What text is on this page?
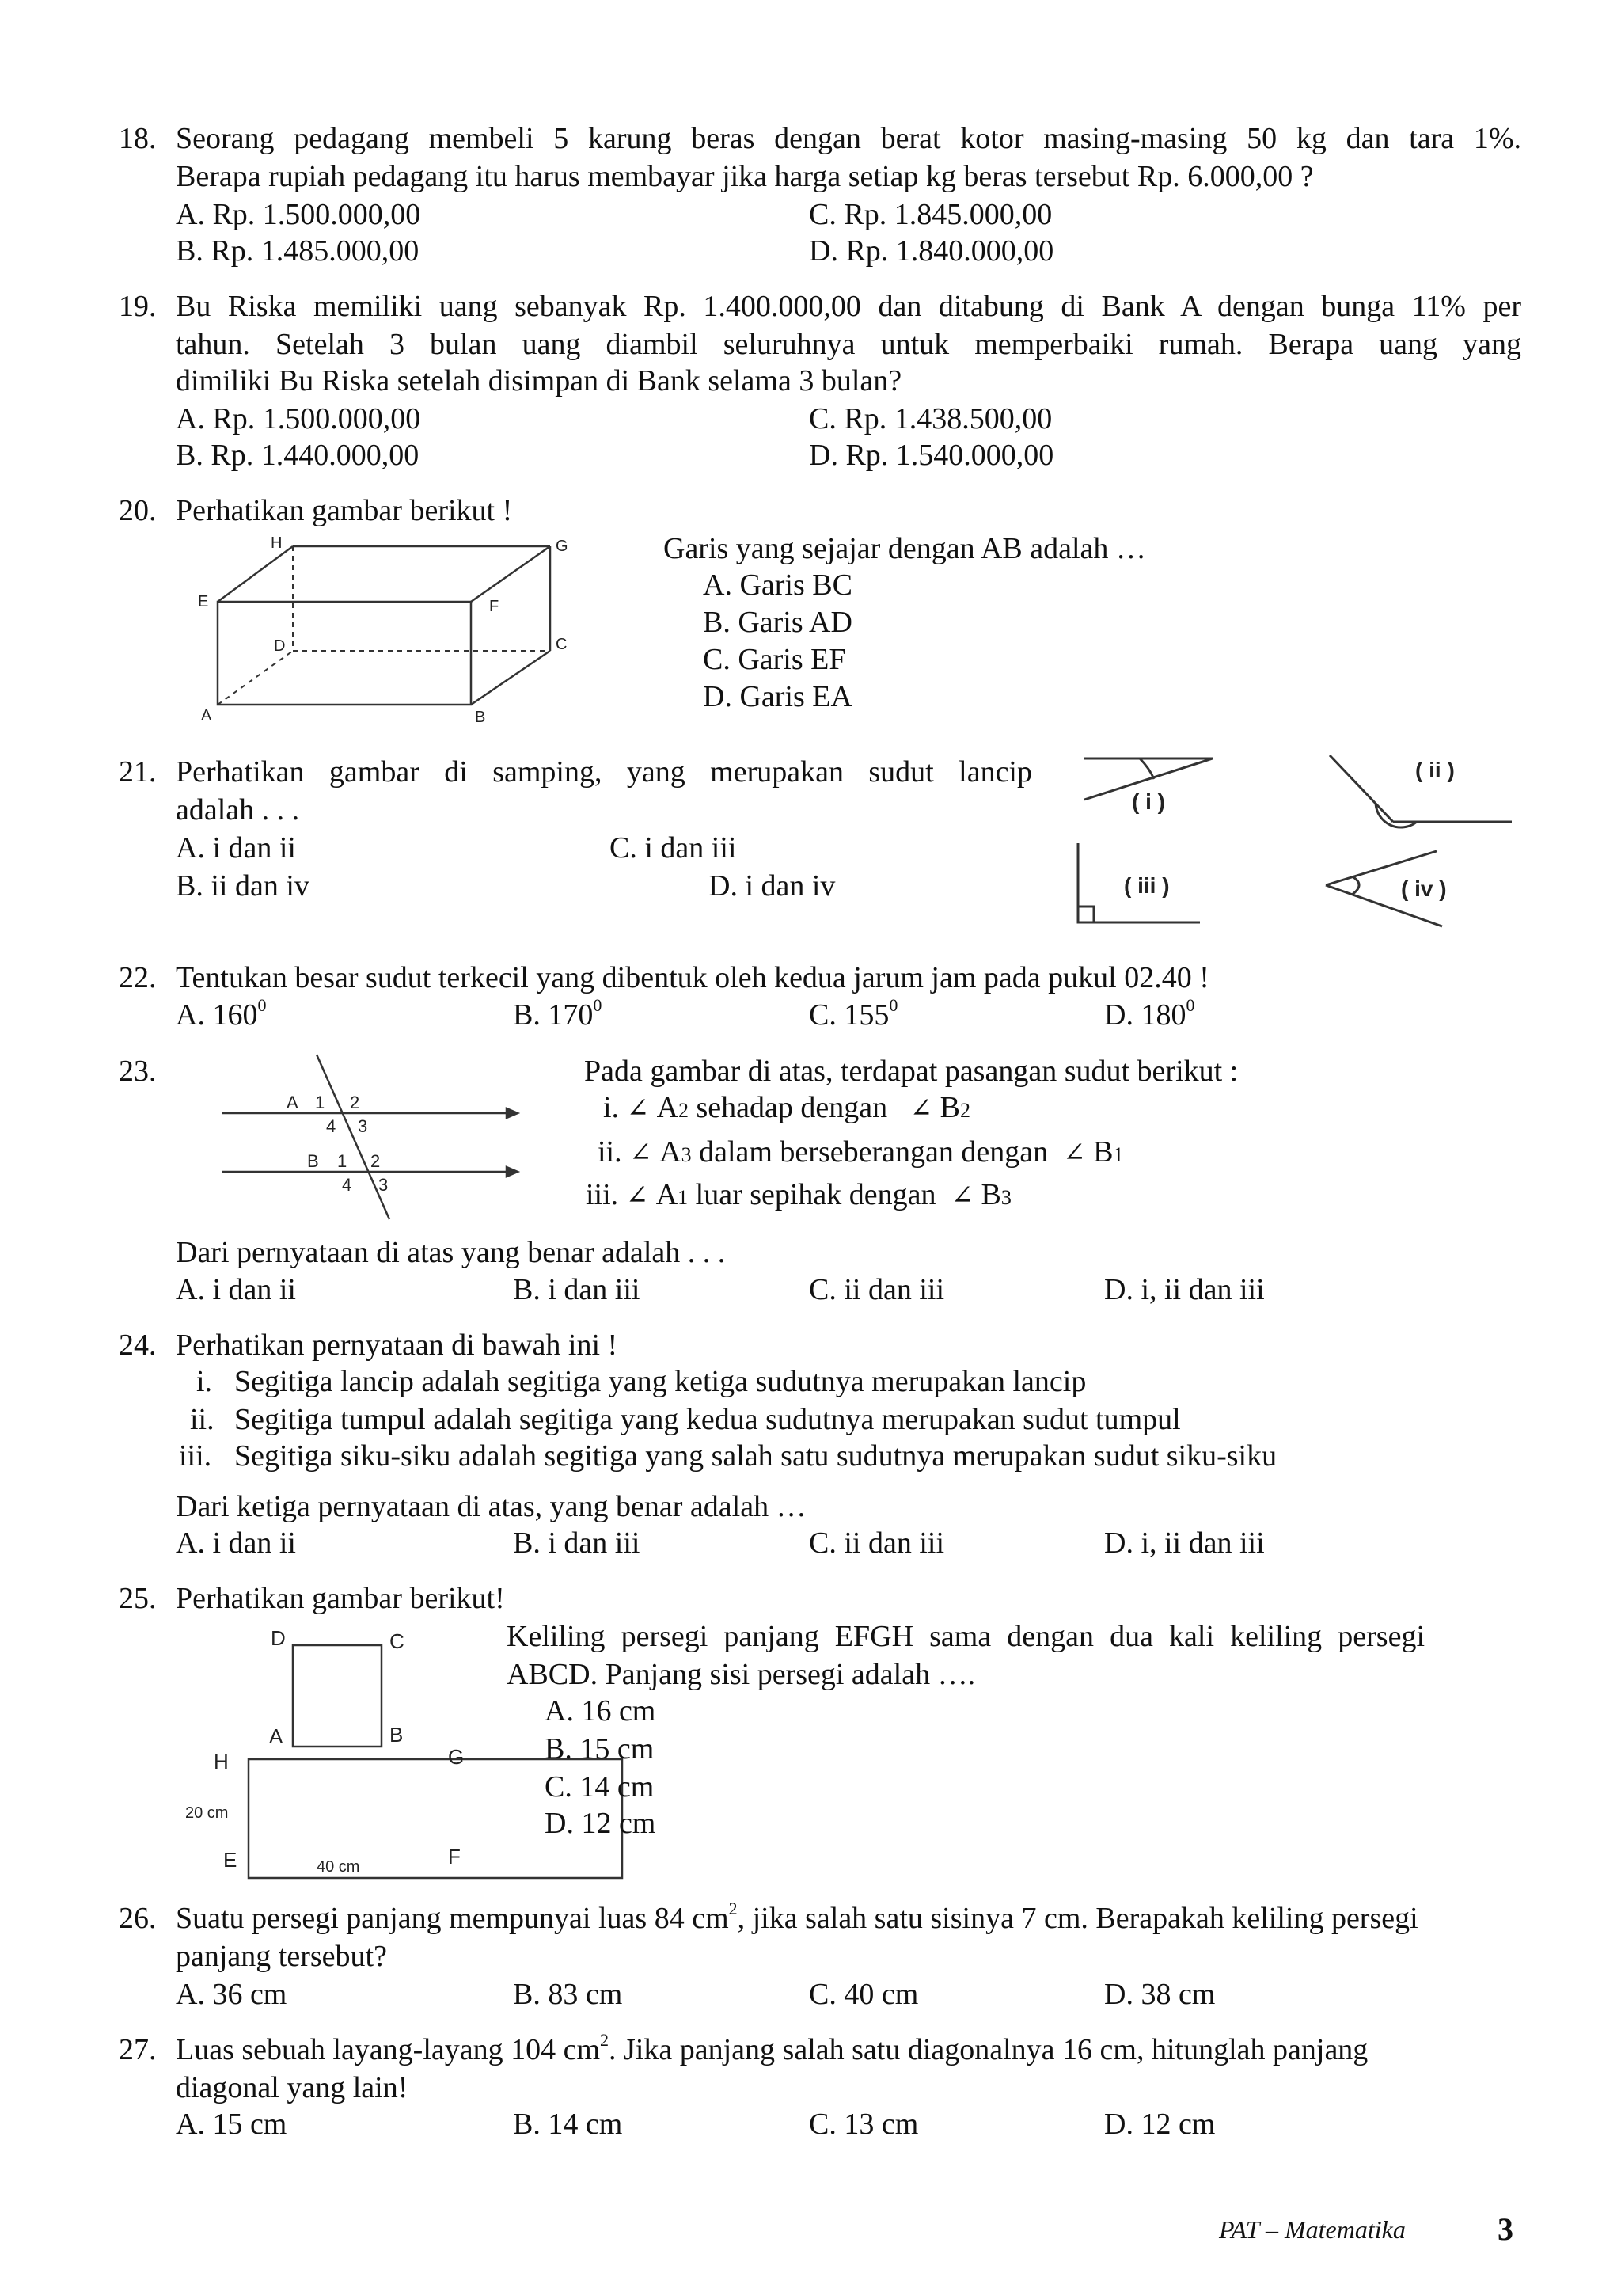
18. Seorang pedagang membeli 5 karung beras dengan berat kotor masing-masing 50 kg dan tara 1%.
Berapa rupiah pedagang itu harus membayar jika harga setiap kg beras tersebut Rp. 6.000,00 ?
A. Rp. 1.500.000,00	C. Rp. 1.845.000,00
B. Rp. 1.485.000,00	D. Rp. 1.840.000,00
19. Bu Riska memiliki uang sebanyak Rp. 1.400.000,00 dan ditabung di Bank A dengan bunga 11% per
tahun. Setelah 3 bulan uang diambil seluruhnya untuk memperbaiki rumah. Berapa uang yang
dimiliki Bu Riska setelah disimpan di Bank selama 3 bulan?
A. Rp. 1.500.000,00	C. Rp. 1.438.500,00
B. Rp. 1.440.000,00	D. Rp. 1.540.000,00
20. Perhatikan gambar berikut !
H	G
E	F
D	C
A	B
Garis yang sejajar dengan AB adalah …
A. Garis BC
B. Garis AD
C. Garis EF
D. Garis EA
21. Perhatikan gambar di samping, yang merupakan sudut lancip
adalah . . .
A. i dan ii	C. i dan iii
B. ii dan iv	D. i dan iv
( i )
( ii )
( iii )	( iv )
22. Tentukan besar sudut terkecil yang dibentuk oleh kedua jarum jam pada pukul 02.40 !
A. $160^0$	B. $170^0$	C. $155^0$	D. $180^0$
23.
A 1 2
4 3
B 1 2
4 3
Pada gambar di atas, terdapat pasangan sudut berikut :
i. ∠ A2 sehadap dengan ∠ B2
ii. ∠ A3 dalam berseberangan dengan ∠ B1
iii. ∠ A1 luar sepihak dengan ∠ B3
Dari pernyataan di atas yang benar adalah . . .
A. i dan ii	B. i dan iii	C. ii dan iii	D. i, ii dan iii
24. Perhatikan pernyataan di bawah ini !
i. Segitiga lancip adalah segitiga yang ketiga sudutnya merupakan lancip
ii. Segitiga tumpul adalah segitiga yang kedua sudutnya merupakan sudut tumpul
iii. Segitiga siku-siku adalah segitiga yang salah satu sudutnya merupakan sudut siku-siku
Dari ketiga pernyataan di atas, yang benar adalah …
A. i dan ii	B. i dan iii	C. ii dan iii	D. i, ii dan iii
25. Perhatikan gambar berikut!
D	C
A	B
H	G
E	F
20 cm
40 cm
Keliling persegi panjang EFGH sama dengan dua kali keliling persegi
ABCD. Panjang sisi persegi adalah ….
A. 16 cm
B. 15 cm
C. 14 cm
D. 12 cm
26. Suatu persegi panjang mempunyai luas 84 $cm^2$, jika salah satu sisinya 7 cm. Berapakah keliling persegi
panjang tersebut?
A. 36 cm	B. 83 cm	C. 40 cm	D. 38 cm
27. Luas sebuah layang-layang 104 $cm^2$. Jika panjang salah satu diagonalnya 16 cm, hitunglah panjang
diagonal yang lain!
A. 15 cm	B. 14 cm	C. 13 cm	D. 12 cm
PAT – Matematika	3
